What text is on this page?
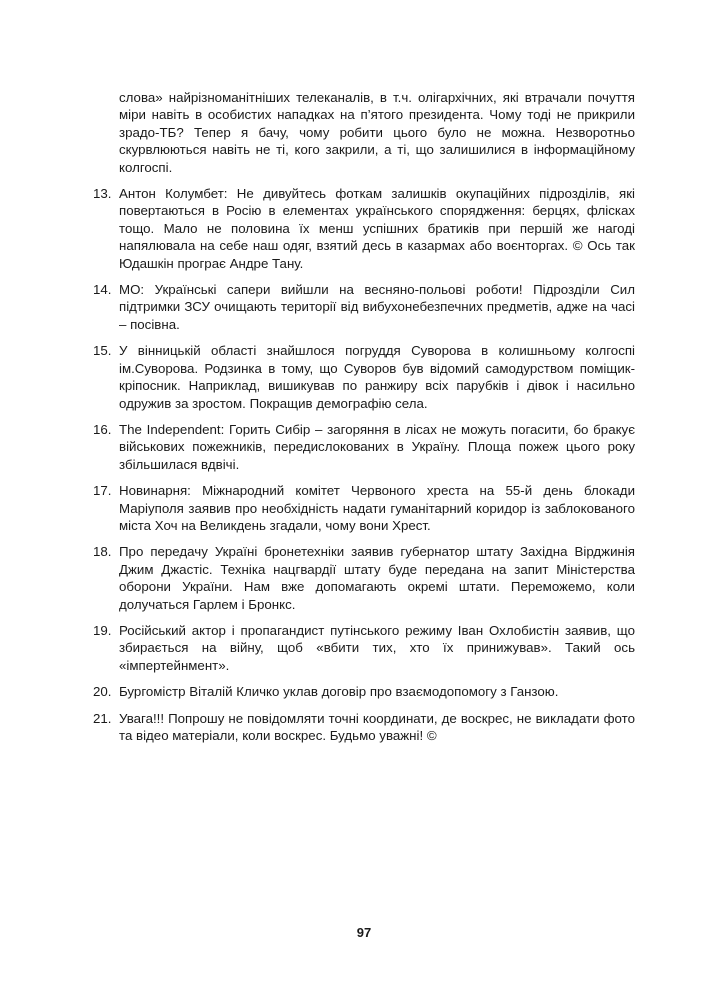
слова» найрізноманітніших телеканалів, в т.ч. олігархічних, які втрачали почуття міри навіть в особистих нападках на п’ятого президента. Чому тоді не прикрили зрадо-ТБ? Тепер я бачу, чому робити цього було не можна. Незворотньо скурвлюються навіть не ті, кого закрили, а ті, що залишилися в інформаційному колгоспі.

13. Антон Колумбет: Не дивуйтесь фоткам залишків окупаційних підрозділів, які повертаються в Росію в елементах українського спорядження: берцях, флісках тощо. Мало не половина їх менш успішних братиків при першій же нагоді напялювала на себе наш одяг, взятий десь в казармах або воєнторгах. © Ось так Юдашкін програє Андре Тану.
14. МО: Українські сапери вийшли на весняно-польові роботи! Підрозділи Сил підтримки ЗСУ очищають території від вибухонебезпечних предметів, адже на часі – посівна.
15. У вінницькій області знайшлося погруддя Суворова в колишньому колгоспі ім.Суворова. Родзинка в тому, що Суворов був відомий самодурством поміщик-кріпосник. Наприклад, вишикував по ранжиру всіх парубків і дівок і насильно одружив за зростом. Покращив демографію села.
16. The Independent: Горить Сибір – загоряння в лісах не можуть погасити, бо бракує військових пожежників, передислокованих в Україну. Площа пожеж цього року збільшилася вдвічі.
17. Новинарня: Міжнародний комітет Червоного хреста на 55-й день блокади Маріуполя заявив про необхідність надати гуманітарний коридор із заблокованого міста Хоч на Великдень згадали, чому вони Хрест.
18. Про передачу Україні бронетехніки заявив губернатор штату Західна Вірджинія Джим Джастіс. Техніка нацгвардії штату буде передана на запит Міністерства оборони України. Нам вже допомагають окремі штати. Переможемо, коли долучаться Гарлем і Бронкс.
19. Російський актор і пропагандист путінського режиму Іван Охлобистін заявив, що збирається на війну, щоб «вбити тих, хто їх принижував». Такий ось «імпертейнмент».
20. Бургомістр Віталій Кличко уклав договір про взаємодопомогу з Ганзою.
21. Увага!!! Попрошу не повідомляти точні координати, де воскрес, не викладати фото та відео матеріали, коли воскрес. Будьмо уважні! ©
97
